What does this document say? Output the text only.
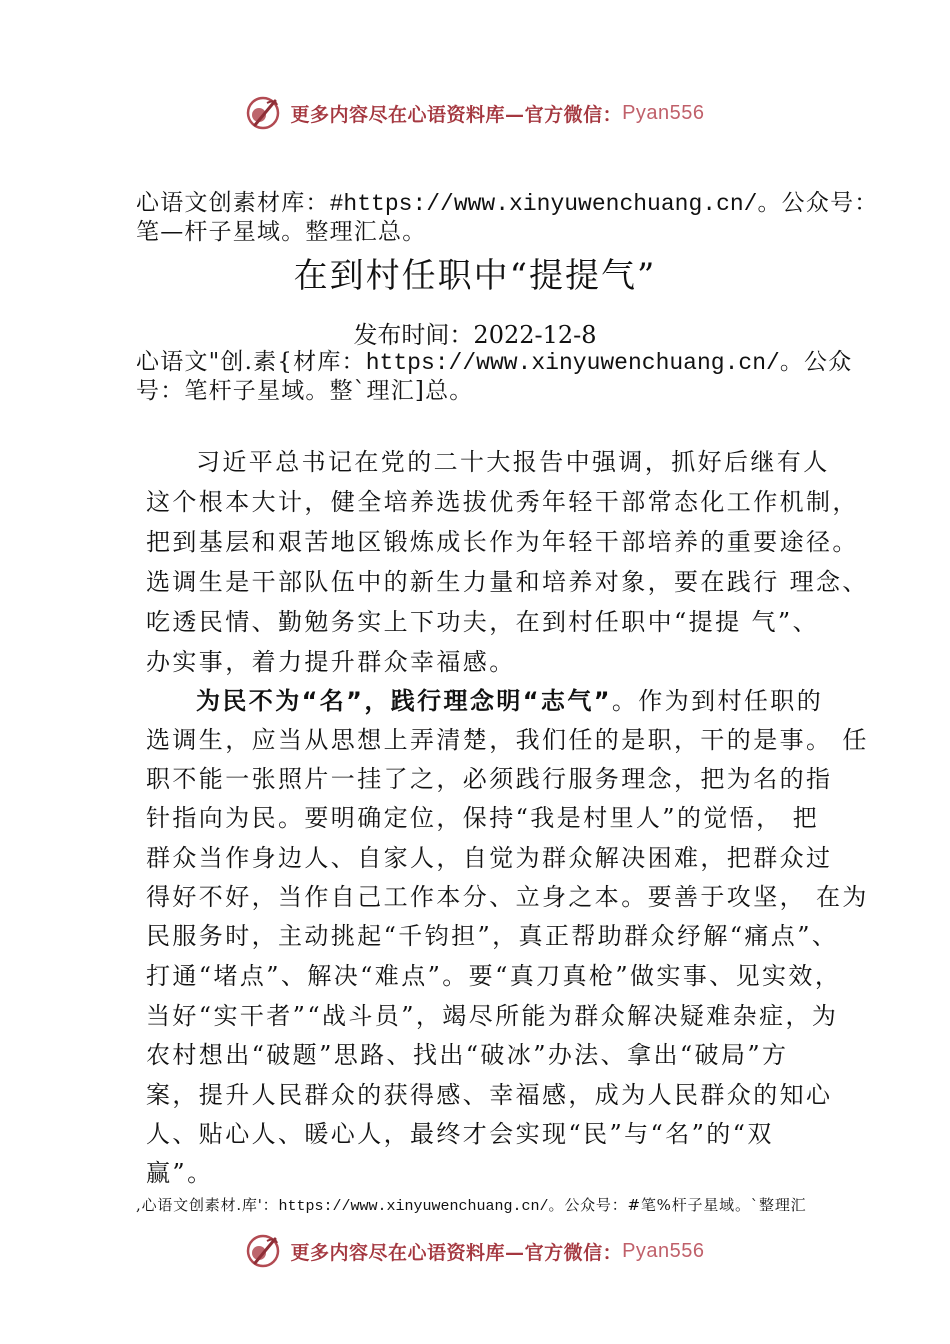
更多内容尽在心语资料库—官方微信：Pyan556
心语文创素材库：#https://www.xinyuwenchuang.cn/。公众号：
笔—杆子星域。整理汇总。
在到村任职中“提提气”
发布时间：2022-12-8
心语文"创.素{材库：https://www.xinyuwenchuang.cn/。公众
号：笔杆子星域。整`理汇]总。
习近平总书记在党的二十大报告中强调，抓好后继有人
这个根本大计，健全培养选拔优秀年轻干部常态化工作机制，
把到基层和艰苦地区锻炼成长作为年轻干部培养的重要途径。
选调生是干部队伍中的新生力量和培养对象，要在践行 理念、
吃透民情、勤勉务实上下功夫，在到村任职中“提提 气”、
办实事，着力提升群众幸福感。
为民不为“名”，践行理念明“志气”。作为到村任职的
选调生，应当从思想上弄清楚，我们任的是职，干的是事。 任
职不能一张照片一挂了之，必须践行服务理念，把为名的指
针指向为民。要明确定位，保持“我是村里人”的觉悟， 把
群众当作身边人、自家人，自觉为群众解决困难，把群众过
得好不好，当作自己工作本分、立身之本。要善于攻坚， 在为
民服务时，主动挑起“千钧担”，真正帮助群众纾解“痛点”、
打通“堵点”、解决“难点”。要“真刀真枪”做实事、见实效，
当好“实干者”“战斗员”，竭尽所能为群众解决疑难杂症，为
农村想出“破题”思路、找出“破冰”办法、拿出“破局”方
案，提升人民群众的获得感、幸福感，成为人民群众的知心
人、贴心人、暖心人，最终才会实现“民”与“名”的“双
赢”。
,心语文创素材.库'：https://www.xinyuwenchuang.cn/。公众号：#笔%杆子星域。`整理汇
更多内容尽在心语资料库—官方微信：Pyan556
